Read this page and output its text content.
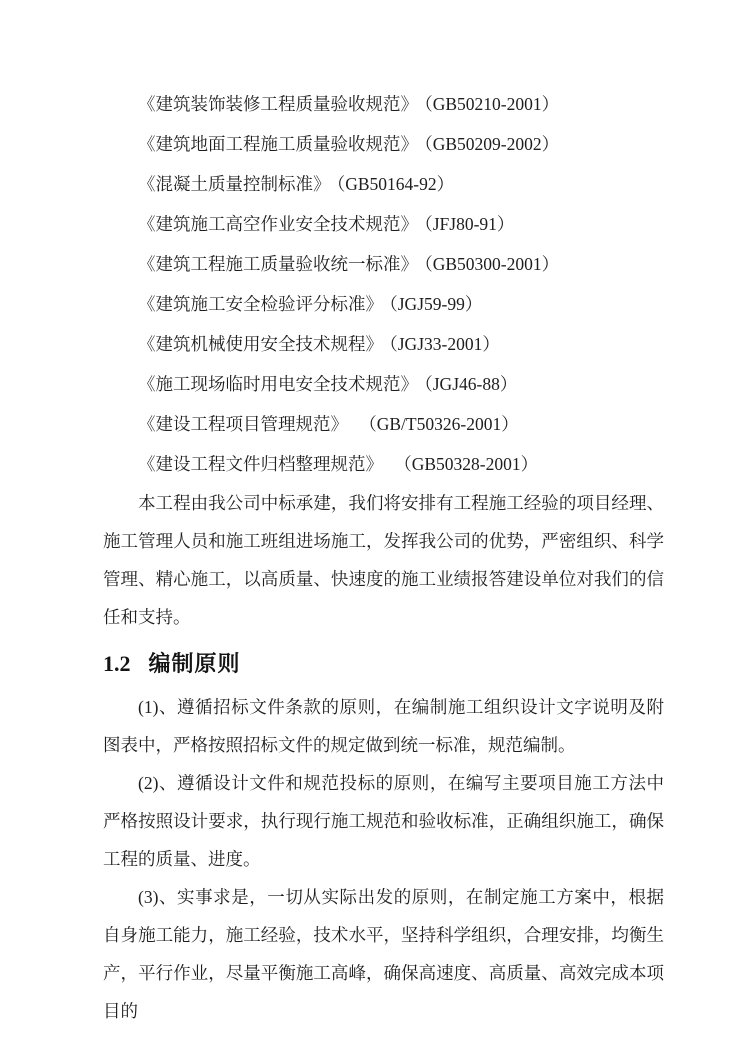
《建筑装饰装修工程质量验收规范》 （GB50210-2001）

《建筑地面工程施工质量验收规范》 （GB50209-2002）

《混凝土质量控制标准》 （GB50164-92）

《建筑施工高空作业安全技术规范》 （JFJ80-91）

《建筑工程施工质量验收统一标准》 （GB50300-2001）

《建筑施工安全检验评分标准》 （JGJ59-99）

《建筑机械使用安全技术规程》 （JGJ33-2001）

《施工现场临时用电安全技术规范》 （JGJ46-88）

《建设工程项目管理规范》 （GB/T50326-2001）

《建设工程文件归档整理规范》 （GB50328-2001）

本工程由我公司中标承建，我们将安排有工程施工经验的项目经理、施工管理人员和施工班组进场施工，发挥我公司的优势，严密组织、科学管理、精心施工，以高质量、快速度的施工业绩报答建设单位对我们的信任和支持。

1.2 编制原则

(1)、遵循招标文件条款的原则，在编制施工组织设计文字说明及附图表中，严格按照招标文件的规定做到统一标准，规范编制。

(2)、遵循设计文件和规范投标的原则，在编写主要项目施工方法中严格按照设计要求，执行现行施工规范和验收标准，正确组织施工，确保工程的质量、进度。

(3)、实事求是，一切从实际出发的原则，在制定施工方案中，根据自身施工能力，施工经验，技术水平，坚持科学组织，合理安排，均衡生产，平行作业，尽量平衡施工高峰，确保高速度、高质量、高效完成本项目的
